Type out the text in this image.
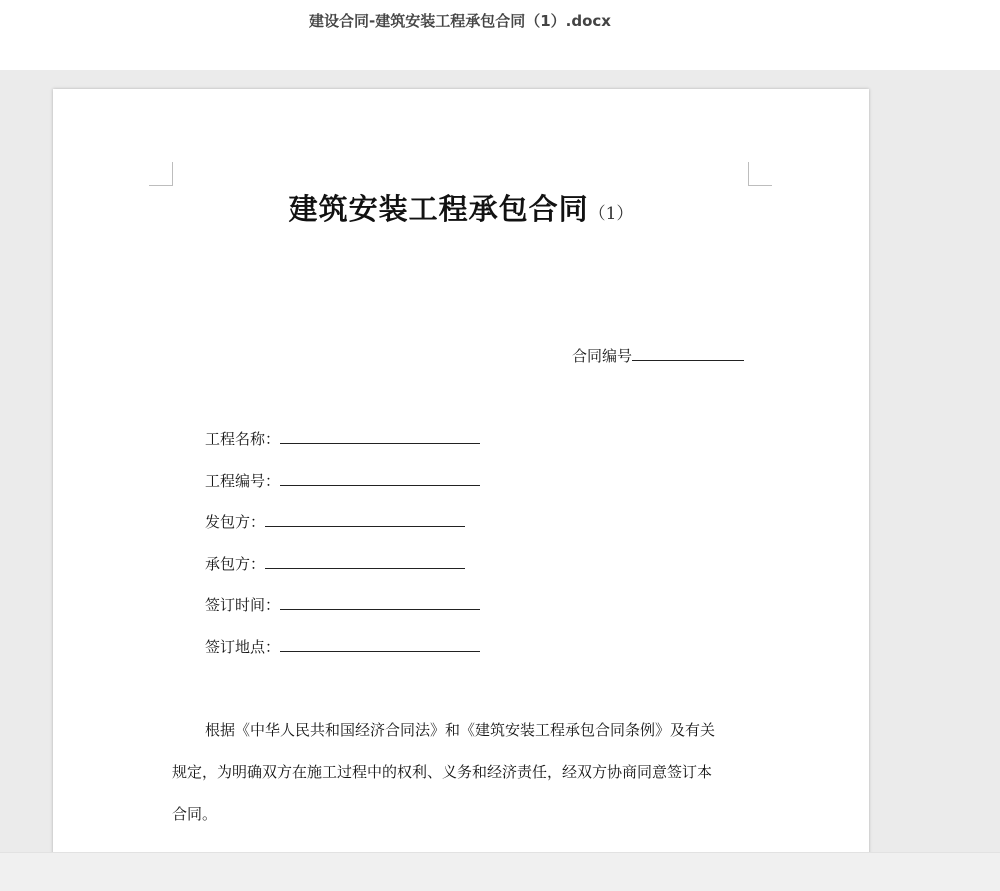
建设合同-建筑安装工程承包合同（1）.docx
建筑安装工程承包合同（1）
合同编号
工程名称：
工程编号：
发包方：
承包方：
签订时间：
签订地点：
根据《中华人民共和国经济合同法》和《建筑安装工程承包合同条例》及有关
规定，为明确双方在施工过程中的权利、义务和经济责任，经双方协商同意签订本
合同。
